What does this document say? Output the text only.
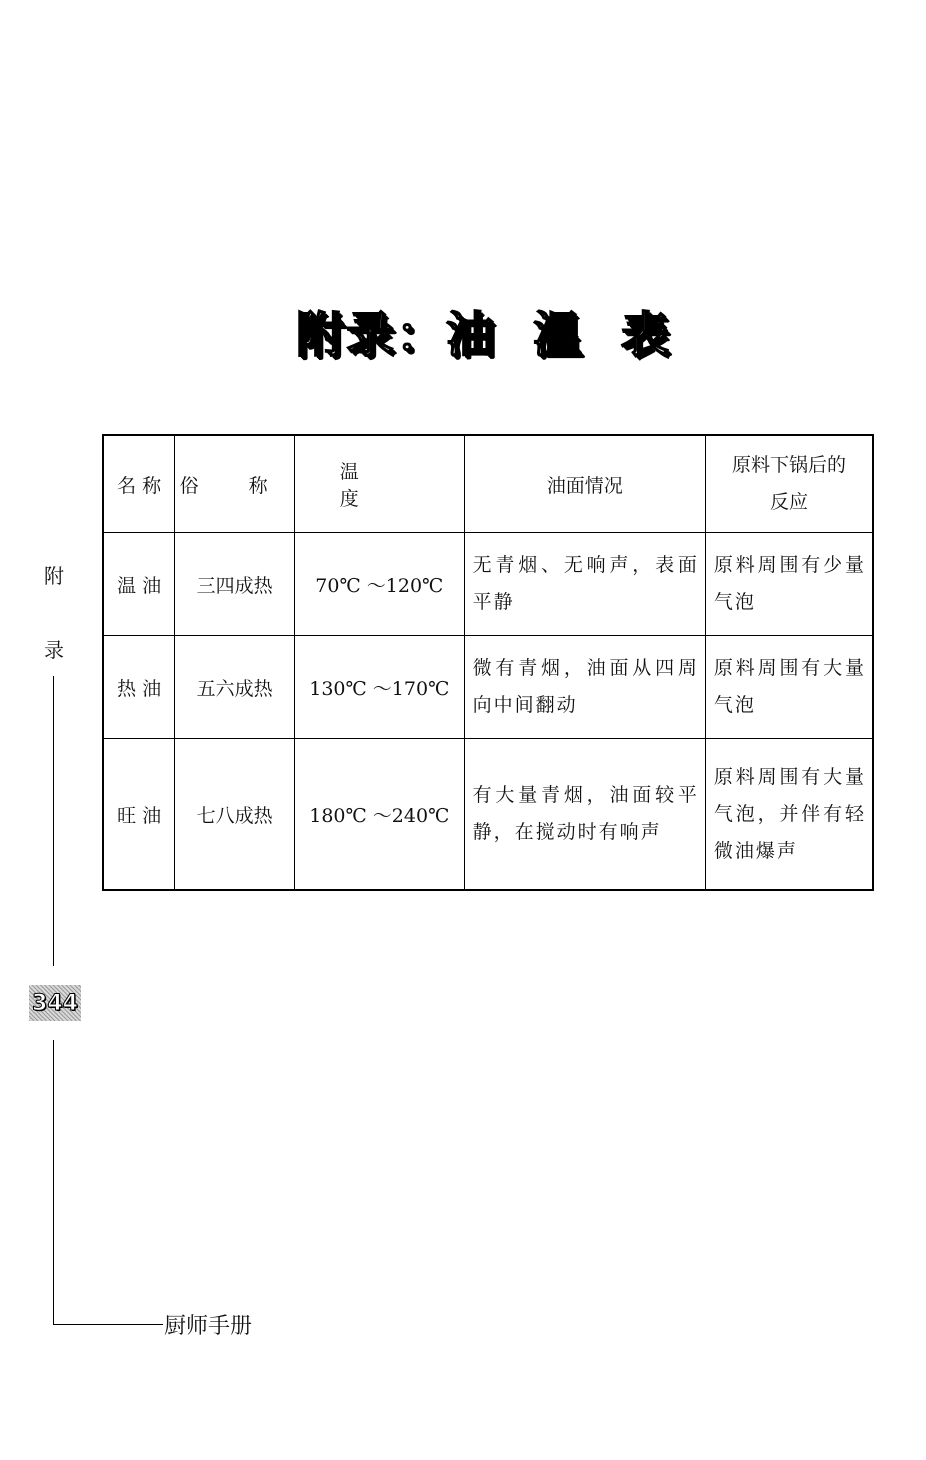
附录：油  温  表
名 称	俗 称	温 度	油面情况	原料下锅后的
反应

温 油	三四成热	70℃ ～120℃	无青烟、无响声，表面平静	原料周围有少量气泡
热 油	五六成热	130℃ ～170℃	微有青烟，油面从四周向中间翻动	原料周围有大量气泡
旺 油	七八成热	180℃ ～240℃	有大量青烟，油面较平静，在搅动时有响声	原料周围有大量气泡，并伴有轻微油爆声
附
录
344
厨师手册
